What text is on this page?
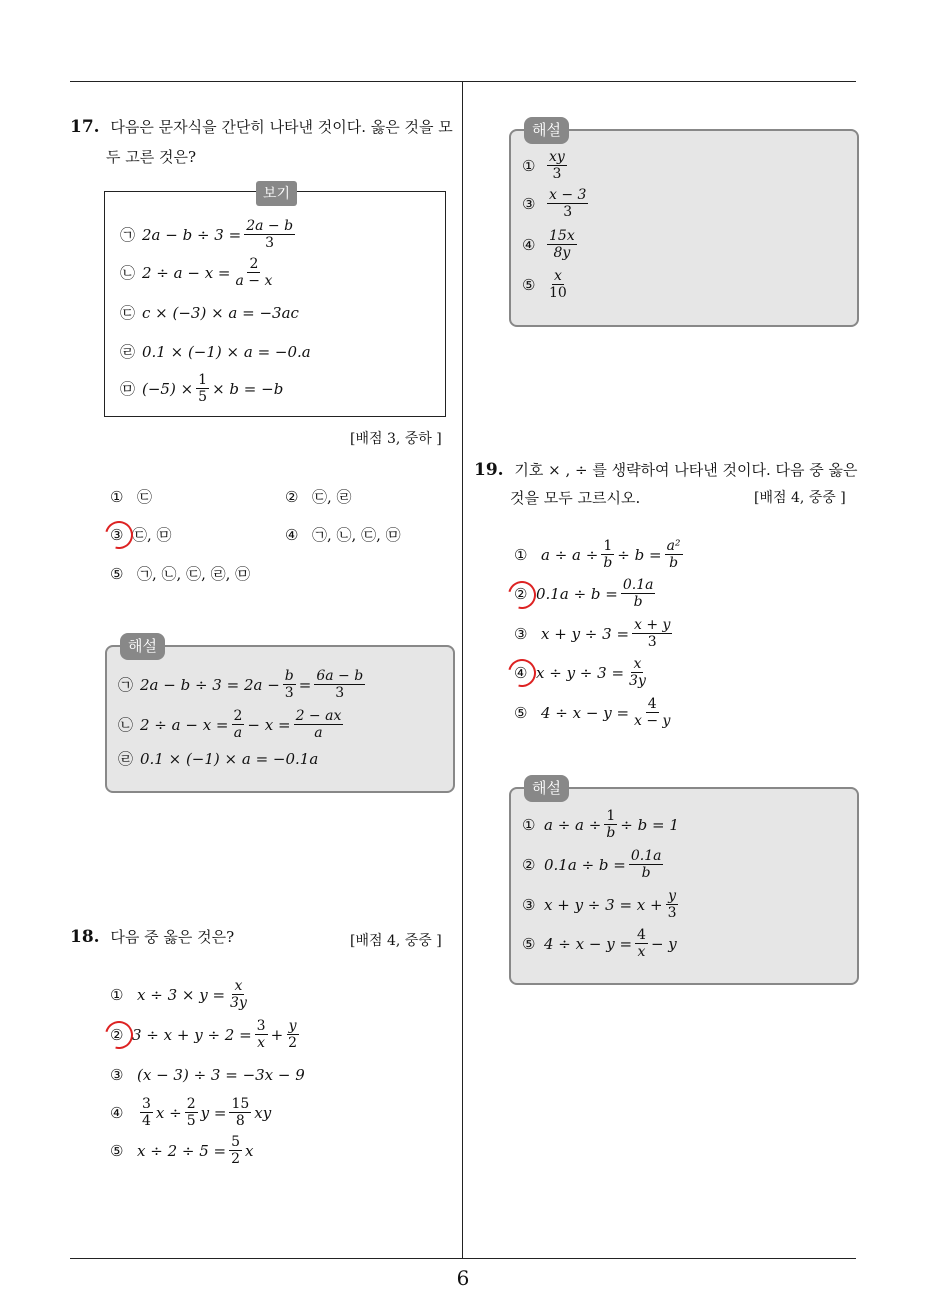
6
17. 다음은 문자식을 간단히 나타낸 것이다. 옳은 것을 모
두 고른 것은?
보기
㉠ $2a - b \div 3 = \frac{2a - b}{3}$
㉡ $2 \div a - x = \frac{2}{a - x}$
㉢ c × (−3) × a = −3ac
㉣ 0.1 × (−1) × a = −0.a
㉤ $(-5) \times \frac{1}{5} \times b = -b$
[배점 3, 중하 ]
① ㉢	② ㉢, ㉣
③ ㉢, ㉤	④ ㉠, ㉡, ㉢, ㉤
⑤ ㉠, ㉡, ㉢, ㉣, ㉤
해설
㉠ $2a - b \div 3 = 2a - \frac{b}{3} = \frac{6a - b}{3}$
㉡ $2 \div a - x = \frac{2}{a} - x = \frac{2 - ax}{a}$
㉣ 0.1 × (−1) × a = −0.1a
18. 다음 중 옳은 것은?	[배점 4, 중중 ]
① $x \div 3 \times y = \frac{x}{3y}$
② $3 \div x + y \div 2 = \frac{3}{x} + \frac{y}{2}$
③ (x − 3) ÷ 3 = −3x − 9
④	$\frac{3}{4}$ $x \div \frac{2}{5}$ $y = \frac{15}{8}$ xy
⑤ $x \div 2 \div 5 = \frac{5}{2}$ x
해설
① $\frac{xy}{3}$
③ $\frac{x - 3}{3}$
④ $\frac{15x}{8y}$
⑤ $\frac{x}{10}$
19. 기호 × , ÷ 를 생략하여 나타낸 것이다. 다음 중 옳은
것을 모두 고르시오.	[배점 4, 중중 ]
① $a \div a \div \frac{1}{b} \div b = \frac{\text{a²}}{b}$
② $0.1a \div b = \frac{0.1a}{b}$
③ $x + y \div 3 = \frac{x + y}{3}$
④ $x \div y \div 3 = \frac{x}{3y}$
⑤ $4 \div x - y = \frac{4}{x - y}$
해설
① $a \div a \div \frac{1}{b} \div b = 1$
② $0.1a \div b = \frac{0.1a}{b}$
③ $x + y \div 3 = x + \frac{y}{3}$
⑤ $4 \div x - y = \frac{4}{x} - y$
